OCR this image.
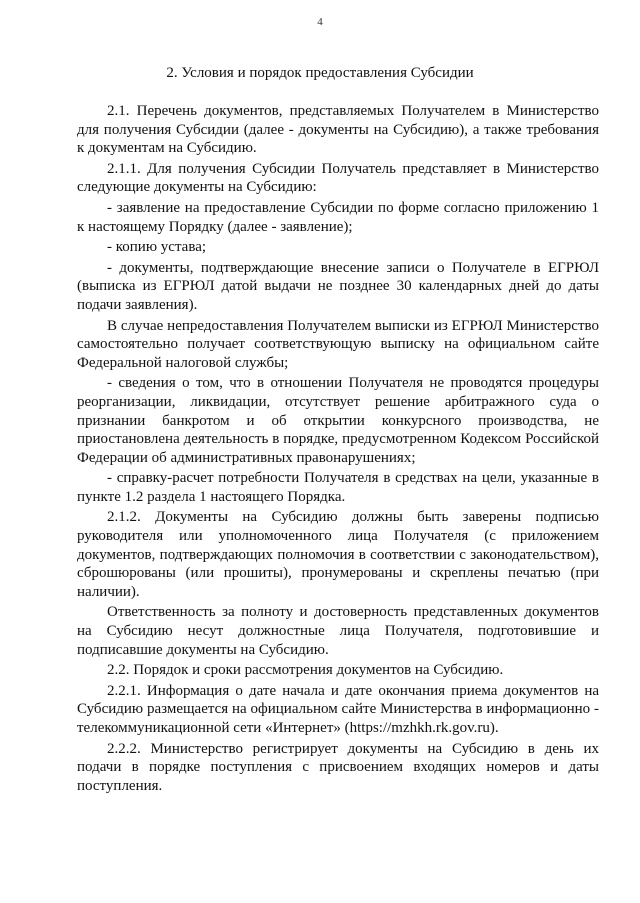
4
2. Условия и порядок предоставления Субсидии

2.1. Перечень документов, представляемых Получателем в Министерство для получения Субсидии (далее - документы на Субсидию), а также требования к документам на Субсидию.

2.1.1. Для получения Субсидии Получатель представляет в Министерство следующие документы на Субсидию:

- заявление на предоставление Субсидии по форме согласно приложению 1 к настоящему Порядку (далее - заявление);

- копию устава;

- документы, подтверждающие внесение записи о Получателе в ЕГРЮЛ (выписка из ЕГРЮЛ датой выдачи не позднее 30 календарных дней до даты подачи заявления).

В случае непредоставления Получателем выписки из ЕГРЮЛ Министерство самостоятельно получает соответствующую выписку на официальном сайте Федеральной налоговой службы;

- сведения о том, что в отношении Получателя не проводятся процедуры реорганизации, ликвидации, отсутствует решение арбитражного суда о признании банкротом и об открытии конкурсного производства, не приостановлена деятельность в порядке, предусмотренном Кодексом Российской Федерации об административных правонарушениях;

- справку-расчет потребности Получателя в средствах на цели, указанные в пункте 1.2 раздела 1 настоящего Порядка.

2.1.2. Документы на Субсидию должны быть заверены подписью руководителя или уполномоченного лица Получателя (с приложением документов, подтверждающих полномочия в соответствии с законодательством), сброшюрованы (или прошиты), пронумерованы и скреплены печатью (при наличии).

Ответственность за полноту и достоверность представленных документов на Субсидию несут должностные лица Получателя, подготовившие и подписавшие документы на Субсидию.

2.2. Порядок и сроки рассмотрения документов на Субсидию.

2.2.1. Информация о дате начала и дате окончания приема документов на Субсидию размещается на официальном сайте Министерства в информационно - телекоммуникационной сети «Интернет» (https://mzhkh.rk.gov.ru).

2.2.2. Министерство регистрирует документы на Субсидию в день их подачи в порядке поступления с присвоением входящих номеров и даты поступления.
